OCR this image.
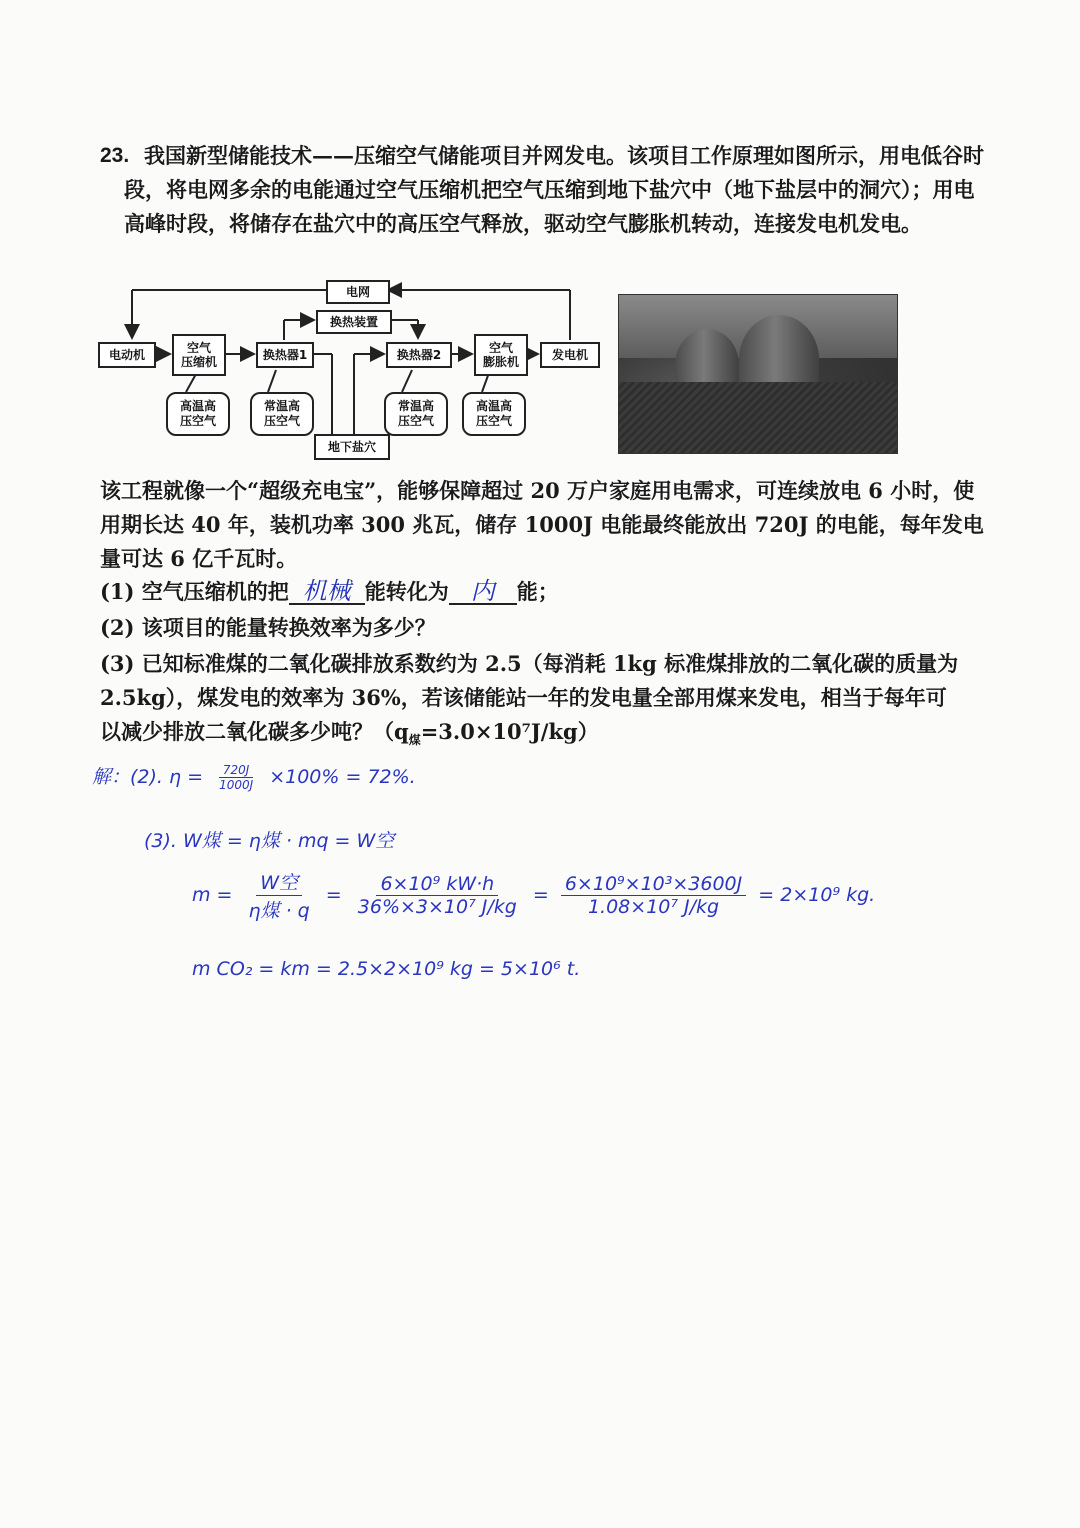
23. 我国新型储能技术——压缩空气储能项目并网发电。该项目工作原理如图所示，用电低谷时段，将电网多余的电能通过空气压缩机把空气压缩到地下盐穴中（地下盐层中的洞穴）；用电高峰时段，将储存在盐穴中的高压空气释放，驱动空气膨胀机转动，连接发电机发电。
电网
电动机	空气
压缩机	换热器1
换热装置
换热器2	空气
膨胀机	发电机
地下盐穴
高温高
压空气
常温高
压空气
常温高
压空气
高温高
压空气
该工程就像一个“超级充电宝”，能够保障超过 20 万户家庭用电需求，可连续放电 6 小时，使用期长达 40 年，装机功率 300 兆瓦，储存 1000J 电能最终能放出 720J 的电能，每年发电量可达 6 亿千瓦时。
(1) 空气压缩机的把 机械 能转化为 内 能；
(2) 该项目的能量转换效率为多少？
(3) 已知标准煤的二氧化碳排放系数约为 2.5（每消耗 1kg 标准煤排放的二氧化碳的质量为
2.5kg），煤发电的效率为 36%，若该储能站一年的发电量全部用煤来发电，相当于每年可
以减少排放二氧化碳多少吨？$(q_煤=3.0\times 10^7J/kg)$
解：(2). $\eta = \frac{720J}{1000J} \times 100\% = 72\%$.
(3). W煤 = η煤 · mq = W空
$m = \frac{\text{W空}}{\text{η煤 · q}} = \frac{\text{6×10⁹ kW·h}}{\text{36\%×3×10⁷ J/kg}} = \frac{\text{6×10⁹×10³×3600J}}{\text{1.08×10⁷ J/kg}} = 2\times 10^9$ kg.
m CO₂ = km = 2.5×2×10⁹ kg = 5×10⁶ t.
